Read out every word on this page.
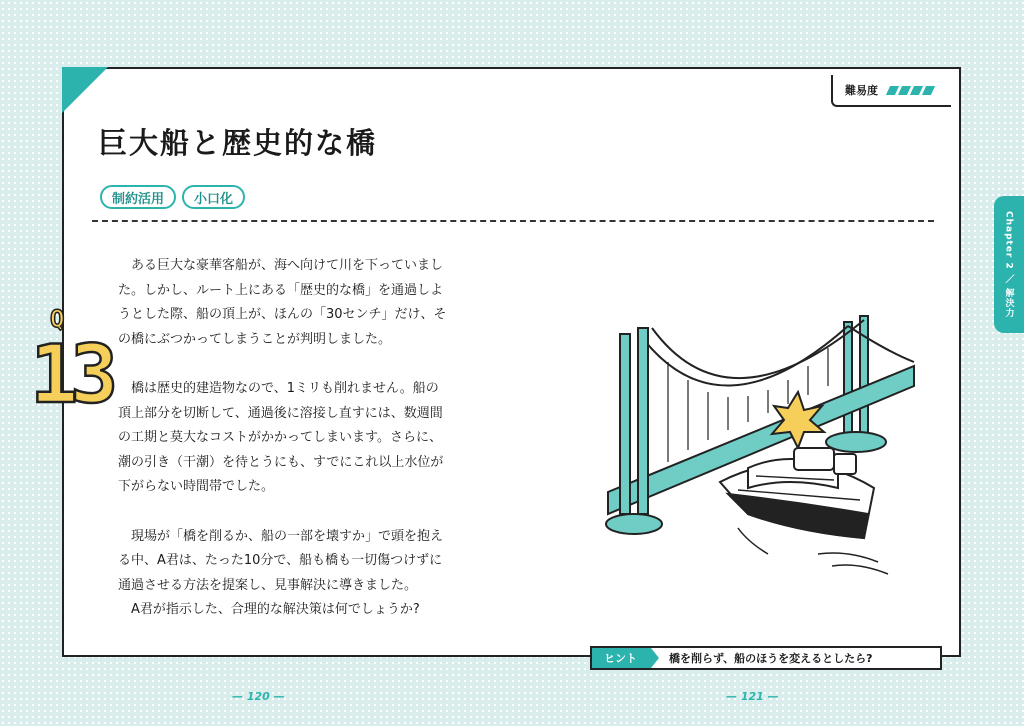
難易度
巨大船と歴史的な橋
制約活用	小口化
Q
13

ある巨大な豪華客船が、海へ向けて川を下っていました。しかし、ルート上にある「歴史的な橋」を通過しようとした際、船の頂上が、ほんの「30センチ」だけ、その橋にぶつかってしまうことが判明しました。

橋は歴史的建造物なので、1ミリも削れません。船の頂上部分を切断して、通過後に溶接し直すには、数週間の工期と莫大なコストがかかってしまいます。さらに、潮の引き（干潮）を待とうにも、すでにこれ以上水位が下がらない時間帯でした。

現場が「橋を削るか、船の一部を壊すか」で頭を抱える中、A君は、たった10分で、船も橋も一切傷つけずに通過させる方法を提案し、見事解決に導きました。

A君が指示した、合理的な解決策は何でしょうか?

ヒント	橋を削らず、船のほうを変えるとしたら?
Chapter 2 ／ 解決力
— 120 —
—	121 —
